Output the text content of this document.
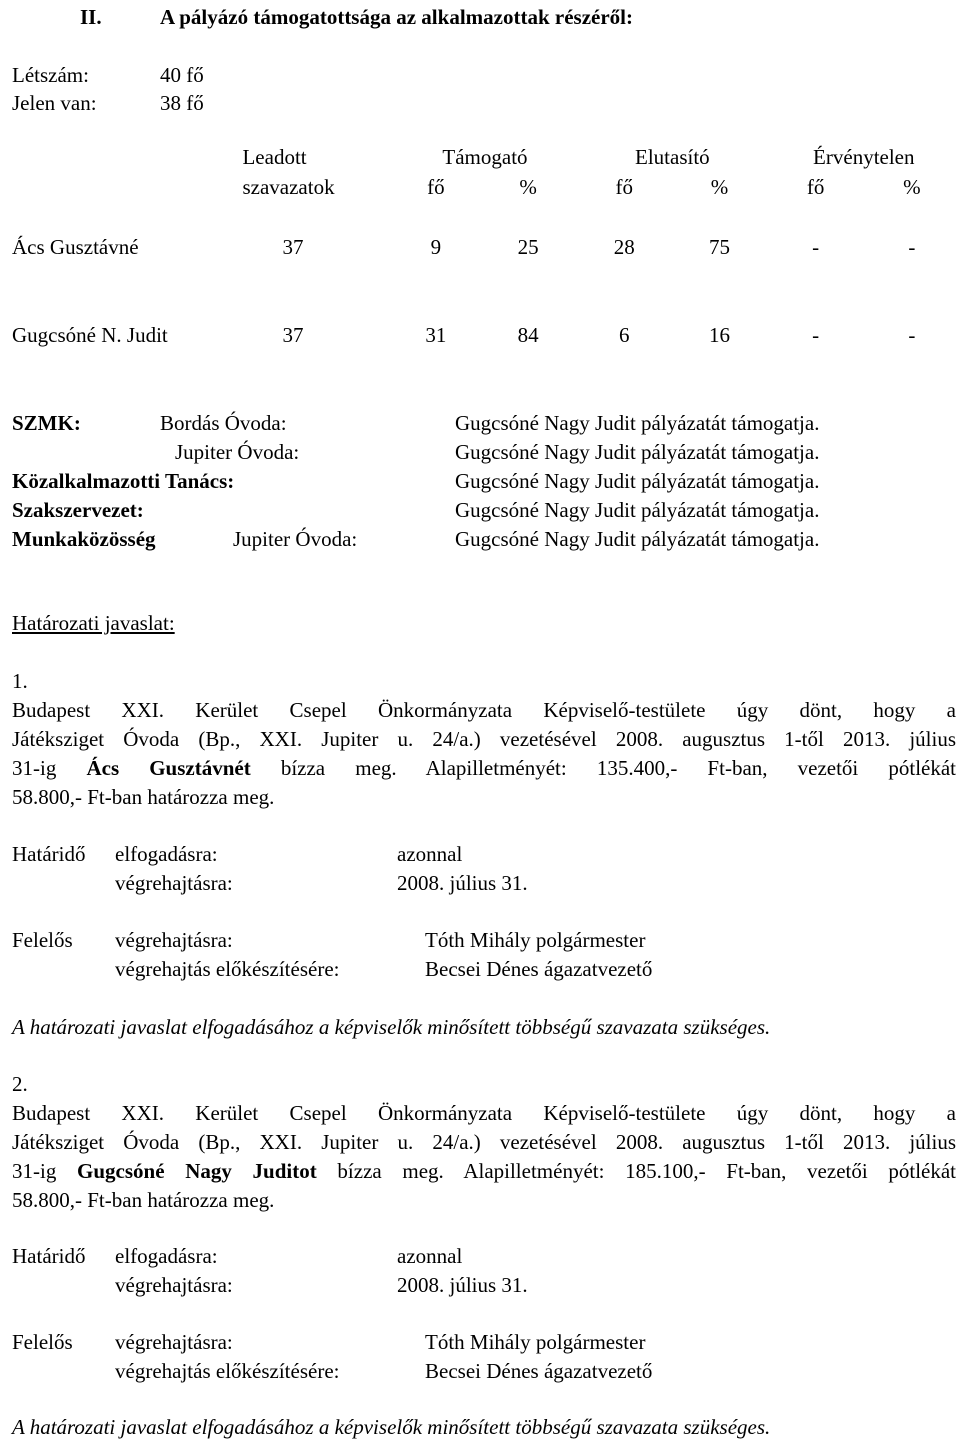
II.	A pályázó támogatottsága az alkalmazottak részéről:
Létszám:	40 fő
Jelen van:	38 fő
	Leadott	Támogató		Elutasító		Érvénytelen	
	szavazatok	fő	%	fő	%	fő	%

Ács Gusztávné	37	9	25	28	75	-	-

Gugcsóné N. Judit	37	31	84	6	16	-	-
SZMK:	Bordás Óvoda:	Gugcsóné Nagy Judit pályázatát támogatja.
Jupiter Óvoda:	Gugcsóné Nagy Judit pályázatát támogatja.
Közalkalmazotti Tanács:	Gugcsóné Nagy Judit pályázatát támogatja.
Szakszervezet:	Gugcsóné Nagy Judit pályázatát támogatja.
Munkaközösség	Jupiter Óvoda:	Gugcsóné Nagy Judit pályázatát támogatja.
Határozati javaslat:
1.
Budapest XXI. Kerület Csepel Önkormányzata Képviselő-testülete úgy dönt, hogy a
Játéksziget Óvoda (Bp., XXI. Jupiter u. 24/a.) vezetésével 2008. augusztus 1-től 2013. július
31-ig Ács Gusztávnét bízza meg. Alapilletményét: 135.400,- Ft-ban, vezetői pótlékát
58.800,- Ft-ban határozza meg.
Határidő elfogadásra:	azonnal
végrehajtásra:	2008. július 31.
Felelős végrehajtásra:	Tóth Mihály polgármester
végrehajtás előkészítésére:	Becsei Dénes ágazatvezető
A határozati javaslat elfogadásához a képviselők minősített többségű szavazata szükséges.
2.
Budapest XXI. Kerület Csepel Önkormányzata Képviselő-testülete úgy dönt, hogy a
Játéksziget Óvoda (Bp., XXI. Jupiter u. 24/a.) vezetésével 2008. augusztus 1-től 2013. július
31-ig Gugcsóné Nagy Juditot bízza meg. Alapilletményét: 185.100,- Ft-ban, vezetői pótlékát
58.800,- Ft-ban határozza meg.
Határidő elfogadásra:	azonnal
végrehajtásra:	2008. július 31.
Felelős végrehajtásra:	Tóth Mihály polgármester
végrehajtás előkészítésére:	Becsei Dénes ágazatvezető
A határozati javaslat elfogadásához a képviselők minősített többségű szavazata szükséges.
